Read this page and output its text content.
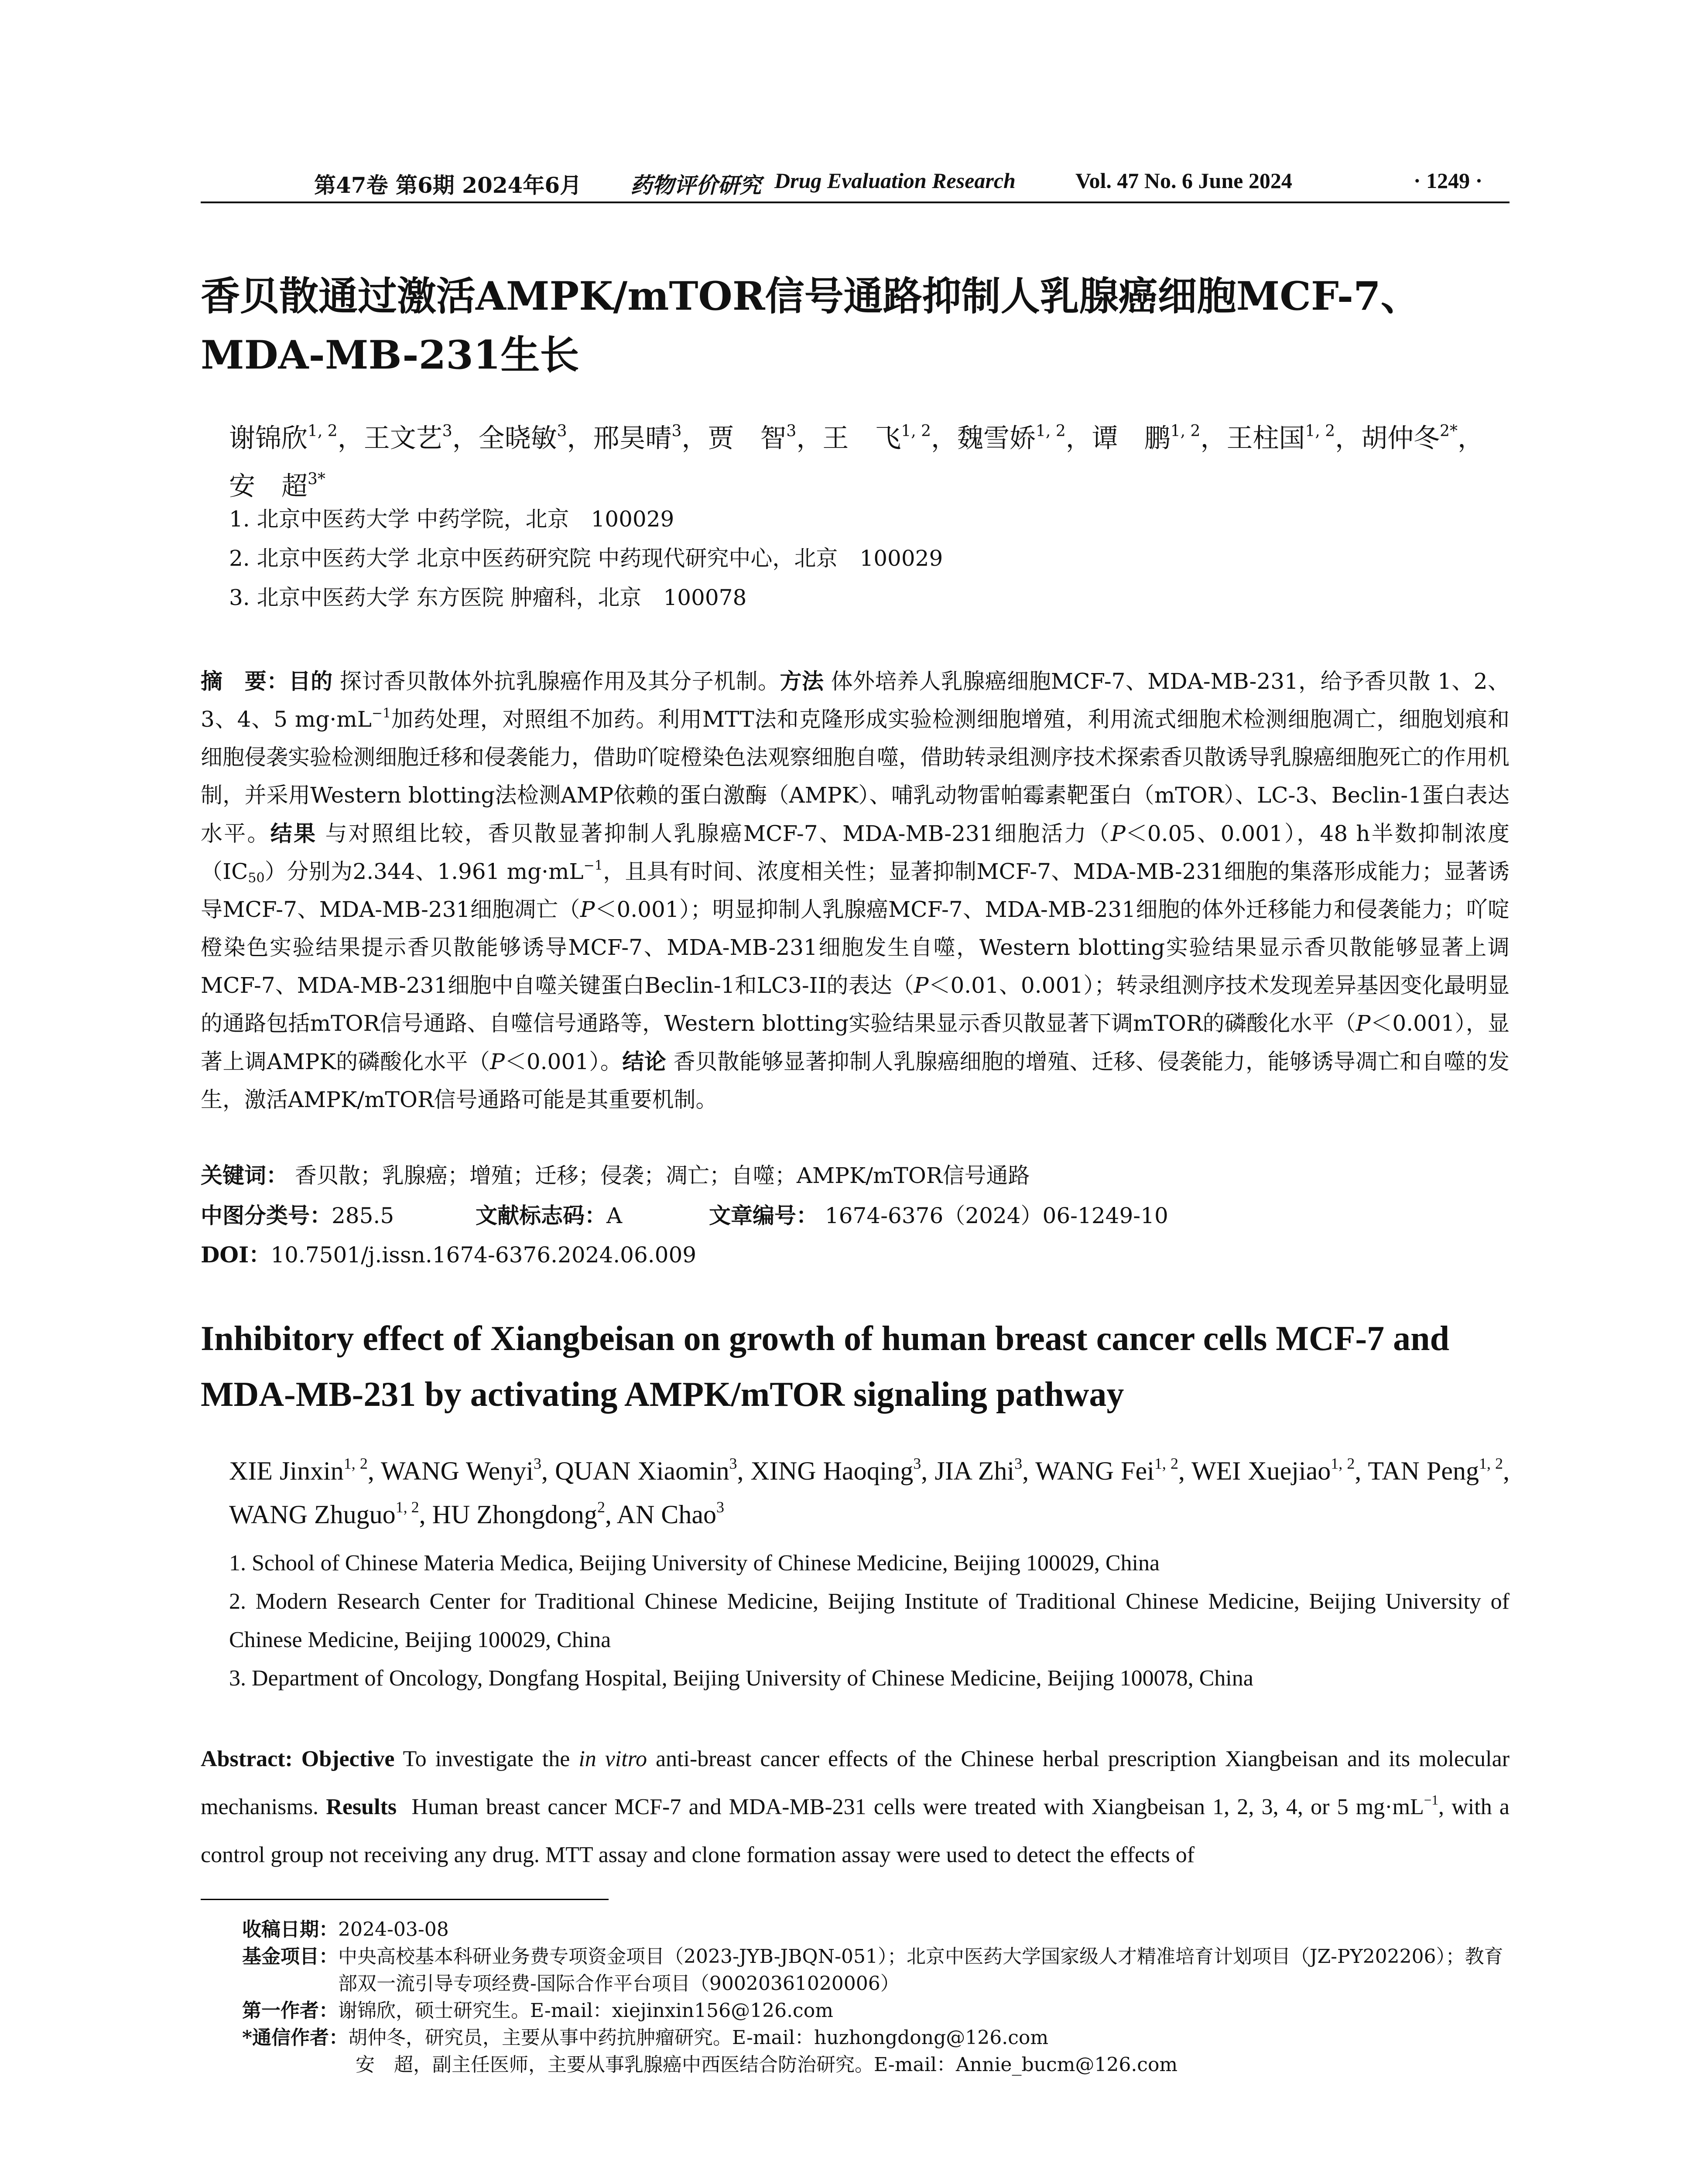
第47卷 第6期 2024年6月 药物评价研究 Drug Evaluation Research	Vol. 47 No. 6 June 2024	· 1249 ·
香贝散通过激活AMPK/mTOR信号通路抑制人乳腺癌细胞MCF-7、MDA-MB-231生长
谢锦欣$^{1, 2}$，王文艺$^3$，全晓敏$^3$，邢昊晴$^3$，贾　智$^3$，王　飞$^{1, 2}$，魏雪娇$^{1, 2}$，谭　鹏$^{1, 2}$，王柱国$^{1, 2}$，胡仲冬$^{2*}$，安　超$^{3*}$
1. 北京中医药大学 中药学院，北京　100029
2. 北京中医药大学 北京中医药研究院 中药现代研究中心，北京　100029
3. 北京中医药大学 东方医院 肿瘤科，北京　100078
摘　要：目的 探讨香贝散体外抗乳腺癌作用及其分子机制。方法 体外培养人乳腺癌细胞MCF-7、MDA-MB-231，给予香贝散 1、2、3、4、5 $mg\cdot mL^{-1}$加药处理，对照组不加药。利用MTT法和克隆形成实验检测细胞增殖，利用流式细胞术检测细胞凋亡，细胞划痕和细胞侵袭实验检测细胞迁移和侵袭能力，借助吖啶橙染色法观察细胞自噬，借助转录组测序技术探索香贝散诱导乳腺癌细胞死亡的作用机制，并采用Western blotting法检测AMP依赖的蛋白激酶（AMPK）、哺乳动物雷帕霉素靶蛋白（mTOR）、LC-3、Beclin-1蛋白表达水平。结果 与对照组比较，香贝散显著抑制人乳腺癌MCF-7、MDA-MB-231细胞活力（P＜0.05、0.001），48 h半数抑制浓度$(IC_{50})$分别为2.344、1.961 $mg\cdot mL^{-1}$，且具有时间、浓度相关性；显著抑制MCF-7、MDA-MB-231细胞的集落形成能力；显著诱导MCF-7、MDA-MB-231细胞凋亡（P＜0.001）；明显抑制人乳腺癌MCF-7、MDA-MB-231细胞的体外迁移能力和侵袭能力；吖啶橙染色实验结果提示香贝散能够诱导MCF-7、MDA-MB-231细胞发生自噬，Western blotting实验结果显示香贝散能够显著上调MCF-7、MDA-MB-231细胞中自噬关键蛋白Beclin-1和LC3-II的表达（P＜0.01、0.001）；转录组测序技术发现差异基因变化最明显的通路包括mTOR信号通路、自噬信号通路等，Western blotting实验结果显示香贝散显著下调mTOR的磷酸化水平（P＜0.001），显著上调AMPK的磷酸化水平（P＜0.001）。结论 香贝散能够显著抑制人乳腺癌细胞的增殖、迁移、侵袭能力，能够诱导凋亡和自噬的发生，激活AMPK/mTOR信号通路可能是其重要机制。
关键词： 香贝散；乳腺癌；增殖；迁移；侵袭；凋亡；自噬；AMPK/mTOR信号通路
中图分类号：285.5	文献标志码：A	文章编号： 1674-6376（2024）06-1249-10
DOI：10.7501/j.issn.1674-6376.2024.06.009
Inhibitory effect of Xiangbeisan on growth of human breast cancer cells MCF-7 and MDA-MB-231 by activating AMPK/mTOR signaling pathway
XIE Jinxin$^{1, 2}$, WANG Wenyi$^3$, QUAN Xiaomin$^3$, XING Haoqing$^3$, JIA Zhi$^3$, WANG Fei$^{1, 2}$, WEI Xuejiao$^{1, 2}$, TAN Peng$^{1, 2}$, WANG Zhuguo$^{1, 2}$, HU Zhongdong$^2$, AN Chao$^3$
1. School of Chinese Materia Medica, Beijing University of Chinese Medicine, Beijing 100029, China
2. Modern Research Center for Traditional Chinese Medicine, Beijing Institute of Traditional Chinese Medicine, Beijing University of Chinese Medicine, Beijing 100029, China
3. Department of Oncology, Dongfang Hospital, Beijing University of Chinese Medicine, Beijing 100078, China
Abstract: Objective To investigate the in vitro anti-breast cancer effects of the Chinese herbal prescription Xiangbeisan and its molecular mechanisms. Results Human breast cancer MCF-7 and MDA-MB-231 cells were treated with Xiangbeisan 1, 2, 3, 4, or 5 $mg\cdot mL^{-1}$, with a control group not receiving any drug. MTT assay and clone formation assay were used to detect the effects of
收稿日期： 2024-03-08
基金项目： 中央高校基本科研业务费专项资金项目（2023-JYB-JBQN-051）；北京中医药大学国家级人才精准培育计划项目（JZ-PY202206）；教育部双一流引导专项经费-国际合作平台项目（90020361020006）
第一作者： 谢锦欣，硕士研究生。E-mail：xiejinxin156@126.com
*通信作者： 胡仲冬，研究员，主要从事中药抗肿瘤研究。E-mail：huzhongdong@126.com
安　超，副主任医师，主要从事乳腺癌中西医结合防治研究。E-mail：Annie_bucm@126.com
